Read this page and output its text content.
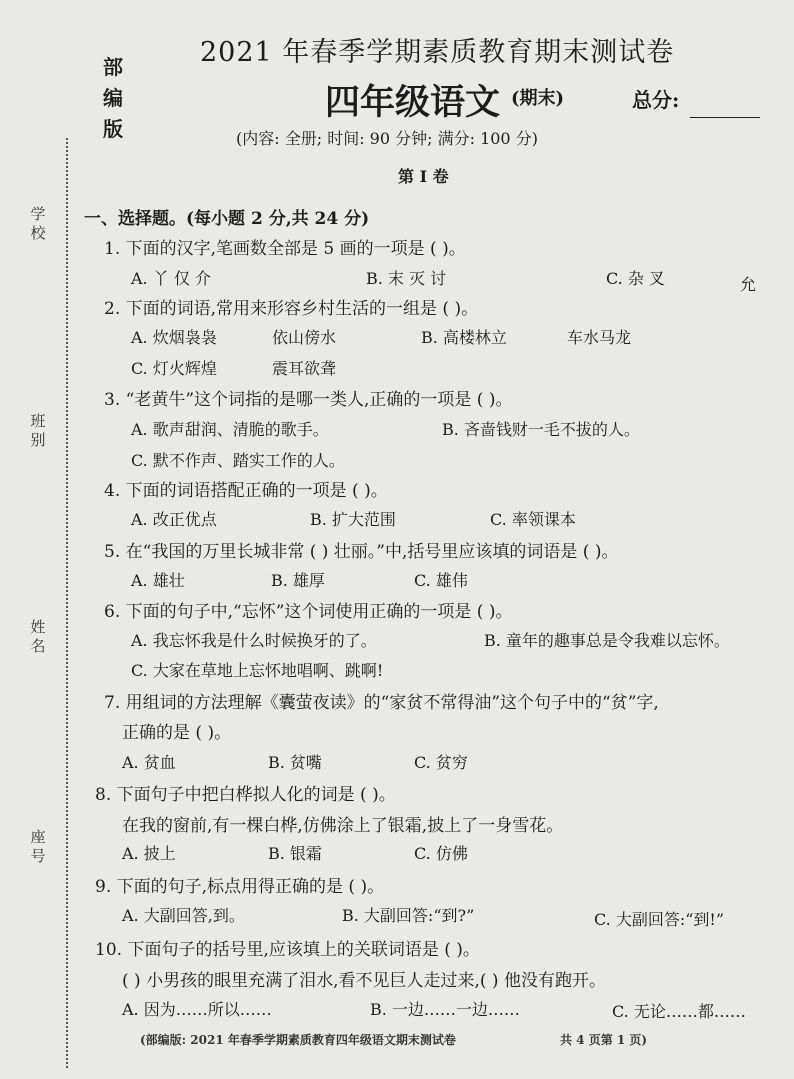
部编版
学校
班别
姓名
座号
2021 年春季学期素质教育期末测试卷
四年级语文 (期末)	总分:
(内容: 全册; 时间: 90 分钟; 满分: 100 分)
第 I 卷
一、选择题。(每小题 2 分,共 24 分)
1. 下面的汉字,笔画数全部是 5 画的一项是 ( )。
A. 丫 仅 介	B. 末 灭 讨	C. 杂 叉	允
2. 下面的词语,常用来形容乡村生活的一组是 ( )。
A. 炊烟袅袅	依山傍水	B. 高楼林立	车水马龙
C. 灯火辉煌	震耳欲聋
3. “老黄牛”这个词指的是哪一类人,正确的一项是 ( )。
A. 歌声甜润、清脆的歌手。	B. 吝啬钱财一毛不拔的人。
C. 默不作声、踏实工作的人。
4. 下面的词语搭配正确的一项是 ( )。
A. 改正优点	B. 扩大范围	C. 率领课本
5. 在“我国的万里长城非常 ( ) 壮丽。”中,括号里应该填的词语是 ( )。
A. 雄壮	B. 雄厚	C. 雄伟
6. 下面的句子中,“忘怀”这个词使用正确的一项是 ( )。
A. 我忘怀我是什么时候换牙的了。	B. 童年的趣事总是令我难以忘怀。
C. 大家在草地上忘怀地唱啊、跳啊!
7. 用组词的方法理解《囊萤夜读》的“家贫不常得油”这个句子中的“贫”字,
正确的是 ( )。
A. 贫血	B. 贫嘴	C. 贫穷
8. 下面句子中把白桦拟人化的词是 ( )。
在我的窗前,有一棵白桦,仿佛涂上了银霜,披上了一身雪花。
A. 披上	B. 银霜	C. 仿佛
9. 下面的句子,标点用得正确的是 ( )。
A. 大副回答,到。	B. 大副回答:“到?”	C. 大副回答:“到!”
10. 下面句子的括号里,应该填上的关联词语是 ( )。
( ) 小男孩的眼里充满了泪水,看不见巨人走过来,( ) 他没有跑开。
A. 因为……所以……	B. 一边……一边……	C. 无论……都……
(部编版: 2021 年春季学期素质教育四年级语文期末测试卷	共 4 页第 1 页)
